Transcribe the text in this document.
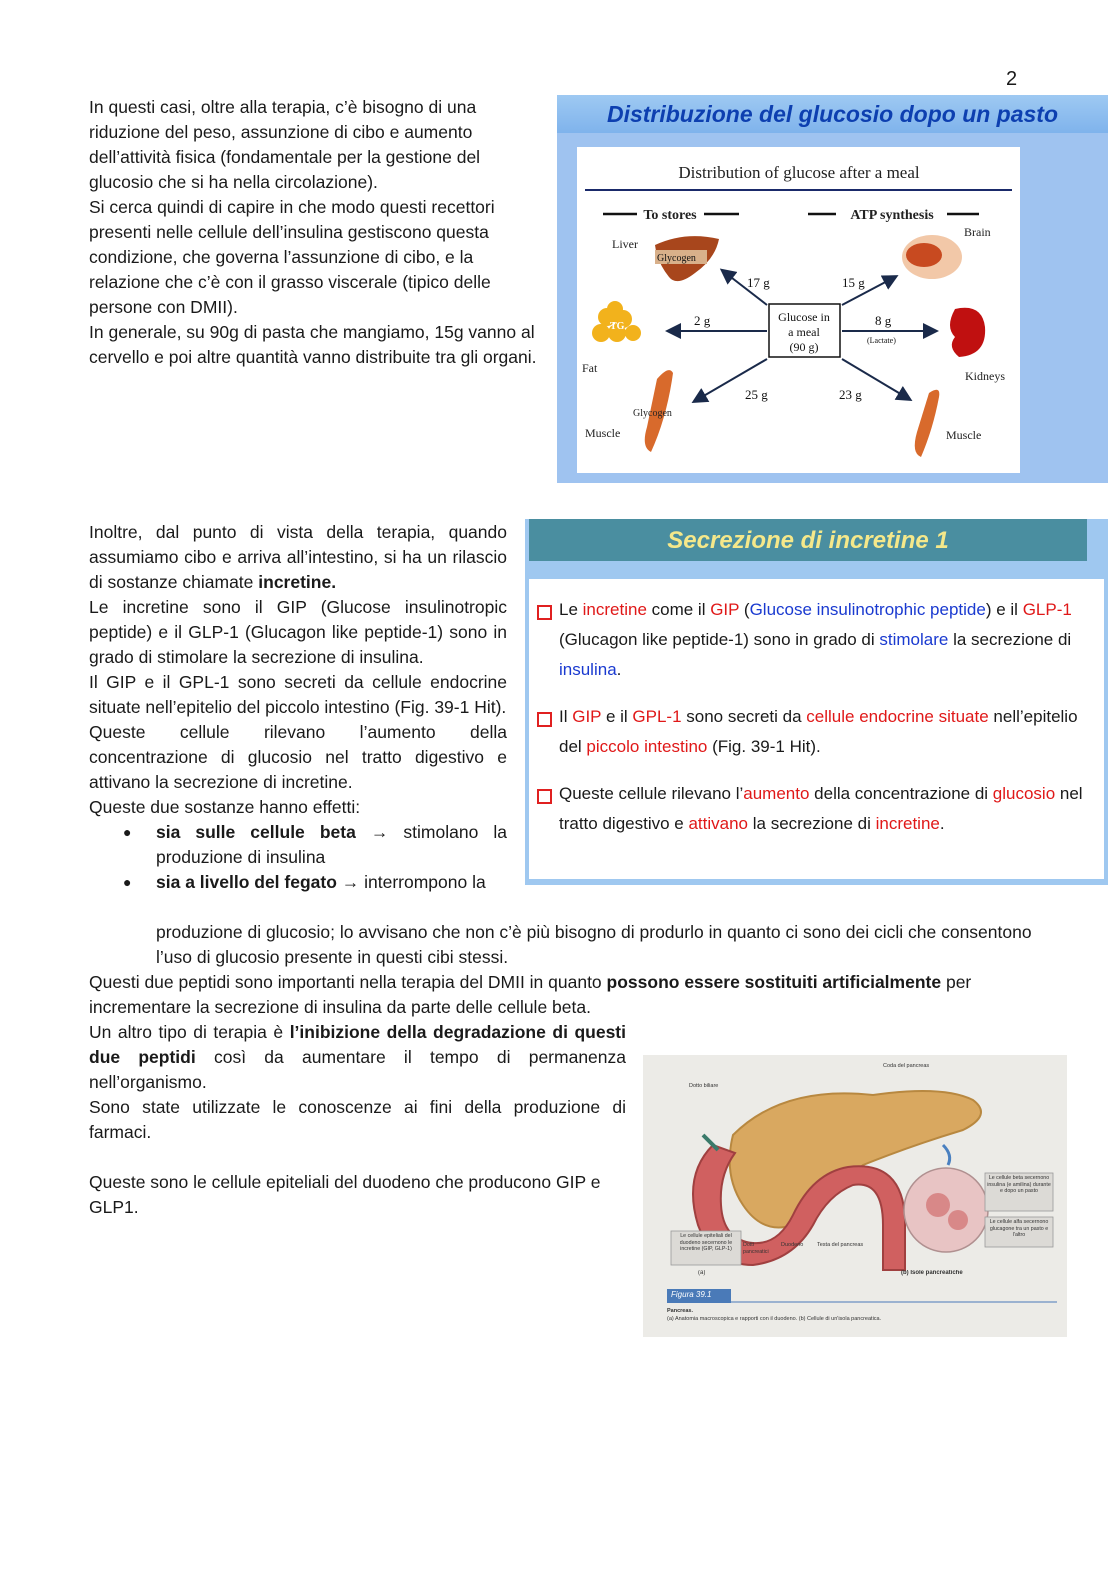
2

In questi casi, oltre alla terapia, c’è bisogno di una riduzione del peso, assunzione di cibo e aumento dell’attività fisica (fondamentale per la gestione del glucosio che si ha nella circolazione).

Si cerca quindi di capire in che modo questi recettori presenti nelle cellule dell’insulina gestiscono questa condizione, che governa l’assunzione di cibo, e la relazione che c’è con il grasso viscerale (tipico delle persone con DMII).

In generale, su 90g di pasta che mangiamo, 15g vanno al cervello e poi altre quantità vanno distribuite tra gli organi.

Distribuzione del glucosio dopo un pasto
Distribution of glucose after a meal
To stores	ATP synthesis
Liver
Glycogen
Brain
TG
Fat
Kidneys
Glycogen
Muscle	Muscle
Glucose in
a meal
(90 g)
17 g	15 g
2 g	8 g
(Lactate)
25 g	23 g

Inoltre, dal punto di vista della terapia, quando assumiamo cibo e arriva all’intestino, si ha un rilascio di sostanze chiamate incretine.

Le incretine sono il GIP (Glucose insulinotropic peptide) e il GLP-1 (Glucagon like peptide-1) sono in grado di stimolare la secrezione di insulina.

Il GIP e il GPL-1 sono secreti da cellule endocrine situate nell’epitelio del piccolo intestino (Fig. 39-1 Hit).

Queste cellule rilevano l’aumento della concentrazione di glucosio nel tratto digestivo e attivano la secrezione di incretine.

Queste due sostanze hanno effetti:

● sia sulle cellule beta → stimolano la produzione di insulina
● sia a livello del fegato → interrompono la
produzione di glucosio; lo avvisano che non c’è più bisogno di produrlo in quanto ci sono dei cicli che consentono l’uso di glucosio presente in questi cibi stessi.
Secrezione di incretine 1
Le incretine come il GIP (Glucose insulinotrophic peptide) e il GLP-1 (Glucagon like peptide-1) sono in grado di stimolare la secrezione di insulina.
Il GIP e il GPL-1 sono secreti da cellule endocrine situate nell’epitelio del piccolo intestino (Fig. 39-1 Hit).
Queste cellule rilevano l’aumento della concentrazione di glucosio nel tratto digestivo e attivano la secrezione di incretine.

Questi due peptidi sono importanti nella terapia del DMII in quanto possono essere sostituiti artificialmente per incrementare la secrezione di insulina da parte delle cellule beta.

Un altro tipo di terapia è l’inibizione della degradazione di questi due peptidi così da aumentare il tempo di permanenza nell’organismo.

Sono state utilizzate le conoscenze ai fini della produzione di farmaci.

Queste sono le cellule epiteliali del duodeno che producono GIP e GLP1.

Coda del pancreas
Dotto biliare
Le cellule beta secernono insulina (e amilina) durante e dopo un pasto
Le cellule alfa secernono glucagone tra un pasto e l'altro
Le cellule epiteliali del duodeno secernono le incretine (GIP, GLP-1)
Dotti pancreatici
Duodeno	Testa del pancreas
(a)	(b) Isole pancreatiche
Figura 39.1
Pancreas.
(a) Anatomia macroscopica e rapporti con il duodeno. (b) Cellule di un'isola pancreatica.
